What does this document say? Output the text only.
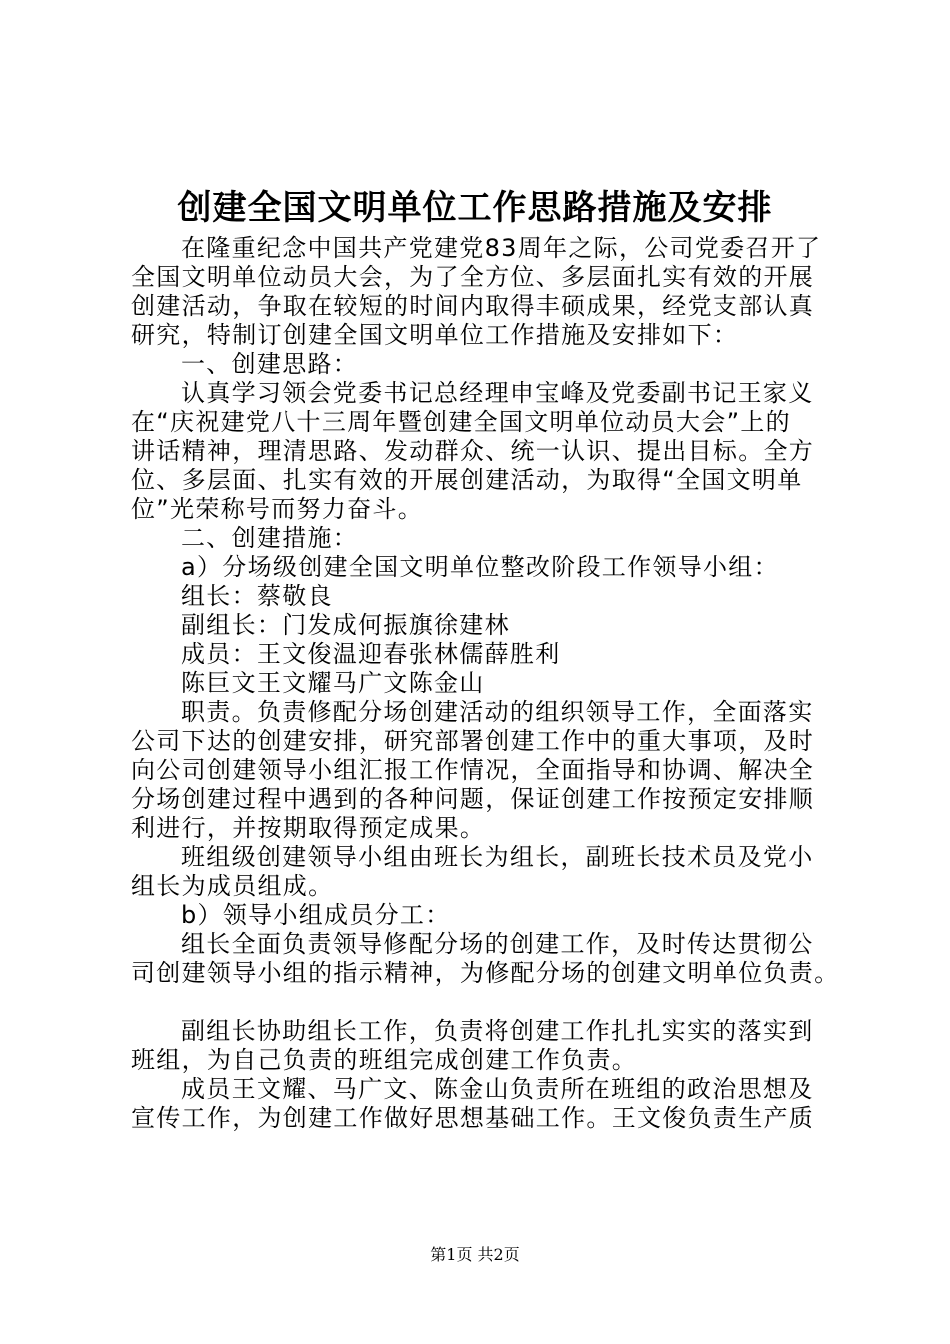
创建全国文明单位工作思路措施及安排
在隆重纪念中国共产党建党83周年之际，公司党委召开了
全国文明单位动员大会，为了全方位、多层面扎实有效的开展
创建活动，争取在较短的时间内取得丰硕成果，经党支部认真
研究，特制订创建全国文明单位工作措施及安排如下：
一、创建思路：
认真学习领会党委书记总经理申宝峰及党委副书记王家义
在“庆祝建党八十三周年暨创建全国文明单位动员大会”上的
讲话精神，理清思路、发动群众、统一认识、提出目标。全方
位、多层面、扎实有效的开展创建活动，为取得“全国文明单
位”光荣称号而努力奋斗。
二、创建措施：
a）分场级创建全国文明单位整改阶段工作领导小组：
组长：蔡敬良
副组长：门发成何振旗徐建林
成员：王文俊温迎春张林儒薛胜利
陈巨文王文耀马广文陈金山
职责。负责修配分场创建活动的组织领导工作，全面落实
公司下达的创建安排，研究部署创建工作中的重大事项，及时
向公司创建领导小组汇报工作情况，全面指导和协调、解决全
分场创建过程中遇到的各种问题，保证创建工作按预定安排顺
利进行，并按期取得预定成果。
班组级创建领导小组由班长为组长，副班长技术员及党小
组长为成员组成。
b）领导小组成员分工：
组长全面负责领导修配分场的创建工作，及时传达贯彻公
司创建领导小组的指示精神，为修配分场的创建文明单位负责。
副组长协助组长工作，负责将创建工作扎扎实实的落实到
班组，为自己负责的班组完成创建工作负责。
成员王文耀、马广文、陈金山负责所在班组的政治思想及
宣传工作，为创建工作做好思想基础工作。王文俊负责生产质
第1页 共2页
